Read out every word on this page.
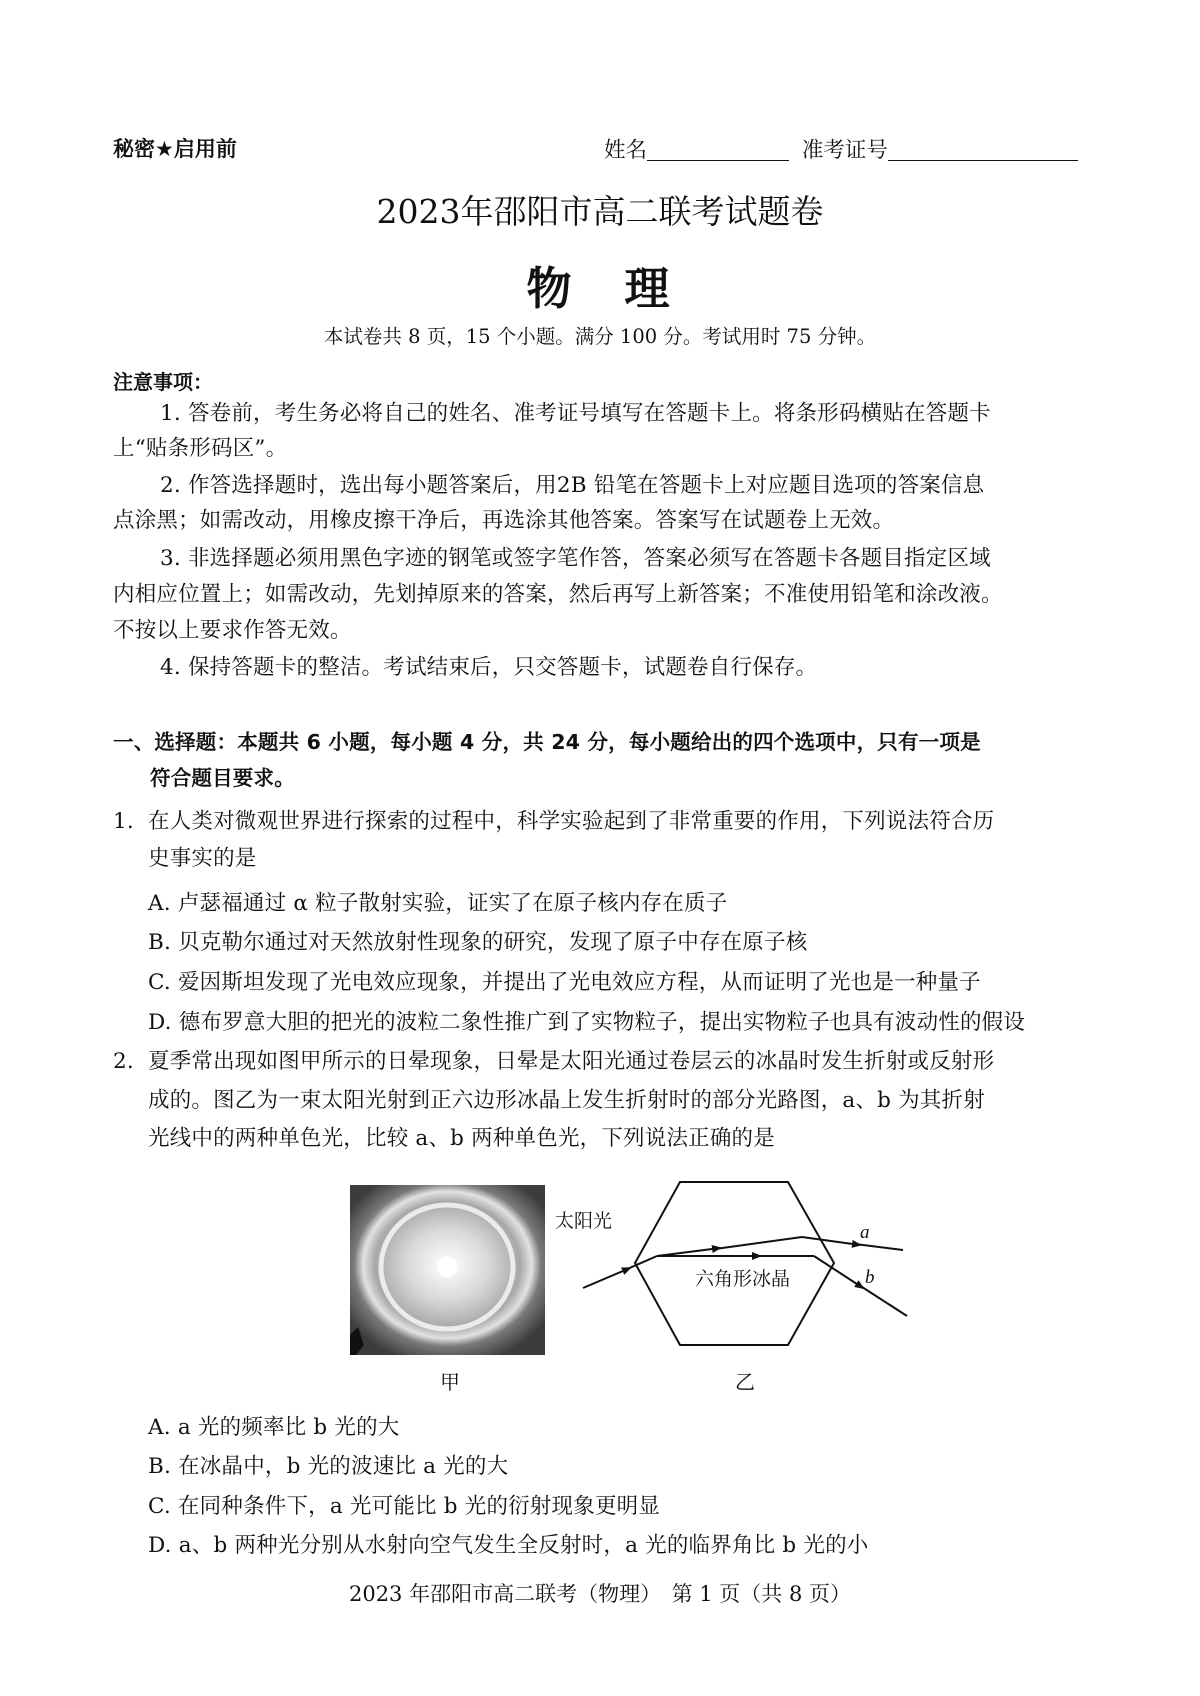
秘密★启用前	姓名	准考证号
2023年邵阳市高二联考试题卷
物　理
本试卷共 8 页，15 个小题。满分 100 分。考试用时 75 分钟。
注意事项：
1. 答卷前，考生务必将自己的姓名、准考证号填写在答题卡上。将条形码横贴在答题卡
上“贴条形码区”。
2. 作答选择题时，选出每小题答案后，用2B 铅笔在答题卡上对应题目选项的答案信息
点涂黑；如需改动，用橡皮擦干净后，再选涂其他答案。答案写在试题卷上无效。
3. 非选择题必须用黑色字迹的钢笔或签字笔作答，答案必须写在答题卡各题目指定区域
内相应位置上；如需改动，先划掉原来的答案，然后再写上新答案；不准使用铅笔和涂改液。
不按以上要求作答无效。
4. 保持答题卡的整洁。考试结束后，只交答题卡，试题卷自行保存。
一、选择题：本题共 6 小题，每小题 4 分，共 24 分，每小题给出的四个选项中，只有一项是
符合题目要求。
1. 在人类对微观世界进行探索的过程中，科学实验起到了非常重要的作用，下列说法符合历
史事实的是
A. 卢瑟福通过 α 粒子散射实验，证实了在原子核内存在质子
B. 贝克勒尔通过对天然放射性现象的研究，发现了原子中存在原子核
C. 爱因斯坦发现了光电效应现象，并提出了光电效应方程，从而证明了光也是一种量子
D. 德布罗意大胆的把光的波粒二象性推广到了实物粒子，提出实物粒子也具有波动性的假设
2. 夏季常出现如图甲所示的日晕现象，日晕是太阳光通过卷层云的冰晶时发生折射或反射形
成的。图乙为一束太阳光射到正六边形冰晶上发生折射时的部分光路图，a、b 为其折射
光线中的两种单色光，比较 a、b 两种单色光，下列说法正确的是
甲
太阳光
六角形冰晶
a
b
乙
A. a 光的频率比 b 光的大
B. 在冰晶中，b 光的波速比 a 光的大
C. 在同种条件下，a 光可能比 b 光的衍射现象更明显
D. a、b 两种光分别从水射向空气发生全反射时，a 光的临界角比 b 光的小
2023 年邵阳市高二联考（物理）　第 1 页（共 8 页）
